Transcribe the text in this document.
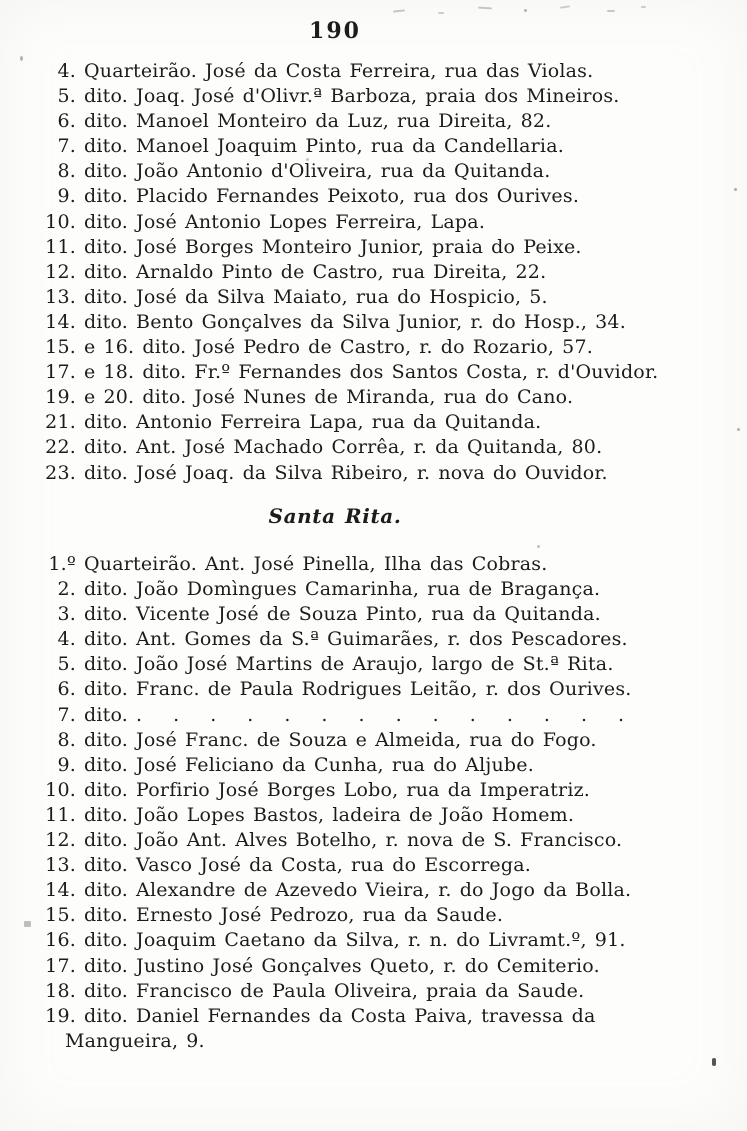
190
4. Quarteirão. José da Costa Ferreira, rua das Violas.
5. dito. Joaq. José d'Olivr.ª Barboza, praia dos Mineiros.
6. dito. Manoel Monteiro da Luz, rua Direita, 82.
7. dito. Manoel Joaquim Pinto, rua da Candellaria.
8. dito. João Antonio d'Oliveira, rua da Quitanda.
9. dito. Placido Fernandes Peixoto, rua dos Ourives.
10. dito. José Antonio Lopes Ferreira, Lapa.
11. dito. José Borges Monteiro Junior, praia do Peixe.
12. dito. Arnaldo Pinto de Castro, rua Direita, 22.
13. dito. José da Silva Maiato, rua do Hospicio, 5.
14. dito. Bento Gonçalves da Silva Junior, r. do Hosp., 34.
15. e 16. dito. José Pedro de Castro, r. do Rozario, 57.
17. e 18. dito. Fr.º Fernandes dos Santos Costa, r. d'Ouvidor.
19. e 20. dito. José Nunes de Miranda, rua do Cano.
21. dito. Antonio Ferreira Lapa, rua da Quitanda.
22. dito. Ant. José Machado Corrêa, r. da Quitanda, 80.
23. dito. José Joaq. da Silva Ribeiro, r. nova do Ouvidor.
Santa Rita.
1.º Quarteirão. Ant. José Pinella, Ilha das Cobras.
2. dito. João Domìngues Camarinha, rua de Bragança.
3. dito. Vicente José de Souza Pinto, rua da Quitanda.
4. dito. Ant. Gomes da S.ª Guimarães, r. dos Pescadores.
5. dito. João José Martins de Araujo, largo de St.ª Rita.
6. dito. Franc. de Paula Rodrigues Leitão, r. dos Ourives.
7. dito. . . . . . . . . . . . . . .
8. dito. José Franc. de Souza e Almeida, rua do Fogo.
9. dito. José Feliciano da Cunha, rua do Aljube.
10. dito. Porfirio José Borges Lobo, rua da Imperatriz.
11. dito. João Lopes Bastos, ladeira de João Homem.
12. dito. João Ant. Alves Botelho, r. nova de S. Francisco.
13. dito. Vasco José da Costa, rua do Escorrega.
14. dito. Alexandre de Azevedo Vieira, r. do Jogo da Bolla.
15. dito. Ernesto José Pedrozo, rua da Saude.
16. dito. Joaquim Caetano da Silva, r. n. do Livramt.º, 91.
17. dito. Justino José Gonçalves Queto, r. do Cemiterio.
18. dito. Francisco de Paula Oliveira, praia da Saude.
19. dito. Daniel Fernandes da Costa Paiva, travessa da
Mangueira, 9.
